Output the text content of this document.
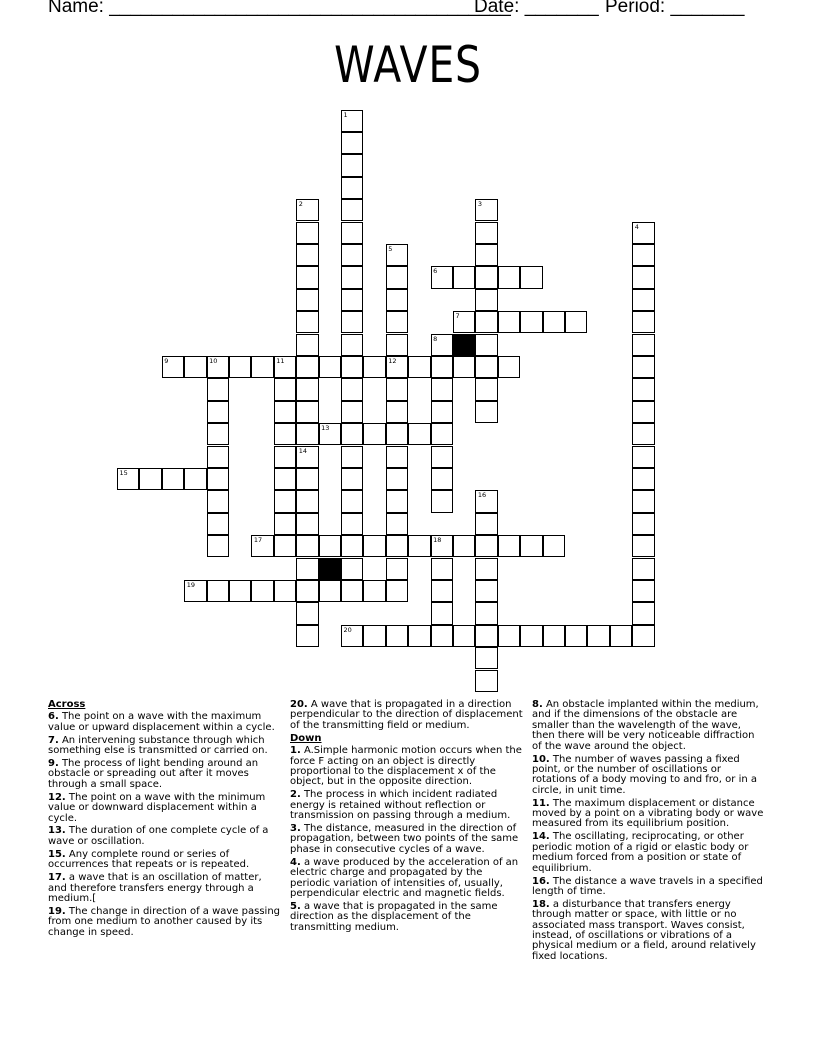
Name: ______________________________________
Date: _______ Period: _______
WAVES
1
2
14
3
4
5
12
6
7
8
9	10	11
13
15
16
17	18
19
20
Across
6. The point on a wave with the maximum value or upward displacement within a cycle.
7. An intervening substance through which something else is transmitted or carried on.
9. The process of light bending around an obstacle or spreading out after it moves through a small space.
12. The point on a wave with the minimum value or downward displacement within a cycle.
13. The duration of one complete cycle of a wave or oscillation.
15. Any complete round or series of occurrences that repeats or is repeated.
17. a wave that is an oscillation of matter, and therefore transfers energy through a medium.[
19. The change in direction of a wave passing from one medium to another caused by its change in speed.
20. A wave that is propagated in a direction perpendicular to the direction of displacement of the transmitting field or medium.
Down
1. A.Simple harmonic motion occurs when the force F acting on an object is directly proportional to the displacement x of the object, but in the opposite direction.
2. The process in which incident radiated energy is retained without reflection or transmission on passing through a medium.
3. The distance, measured in the direction of propagation, between two points of the same phase in consecutive cycles of a wave.
4. a wave produced by the acceleration of an electric charge and propagated by the periodic variation of intensities of, usually, perpendicular electric and magnetic fields.
5. a wave that is propagated in the same direction as the displacement of the transmitting medium.
8. An obstacle implanted within the medium, and if the dimensions of the obstacle are smaller than the wavelength of the wave, then there will be very noticeable diffraction of the wave around the object.
10. The number of waves passing a fixed point, or the number of oscillations or rotations of a body moving to and fro, or in a circle, in unit time.
11. The maximum displacement or distance moved by a point on a vibrating body or wave measured from its equilibrium position.
14. The oscillating, reciprocating, or other periodic motion of a rigid or elastic body or medium forced from a position or state of equilibrium.
16. The distance a wave travels in a specified length of time.
18. a disturbance that transfers energy through matter or space, with little or no associated mass transport. Waves consist, instead, of oscillations or vibrations of a physical medium or a field, around relatively fixed locations.
